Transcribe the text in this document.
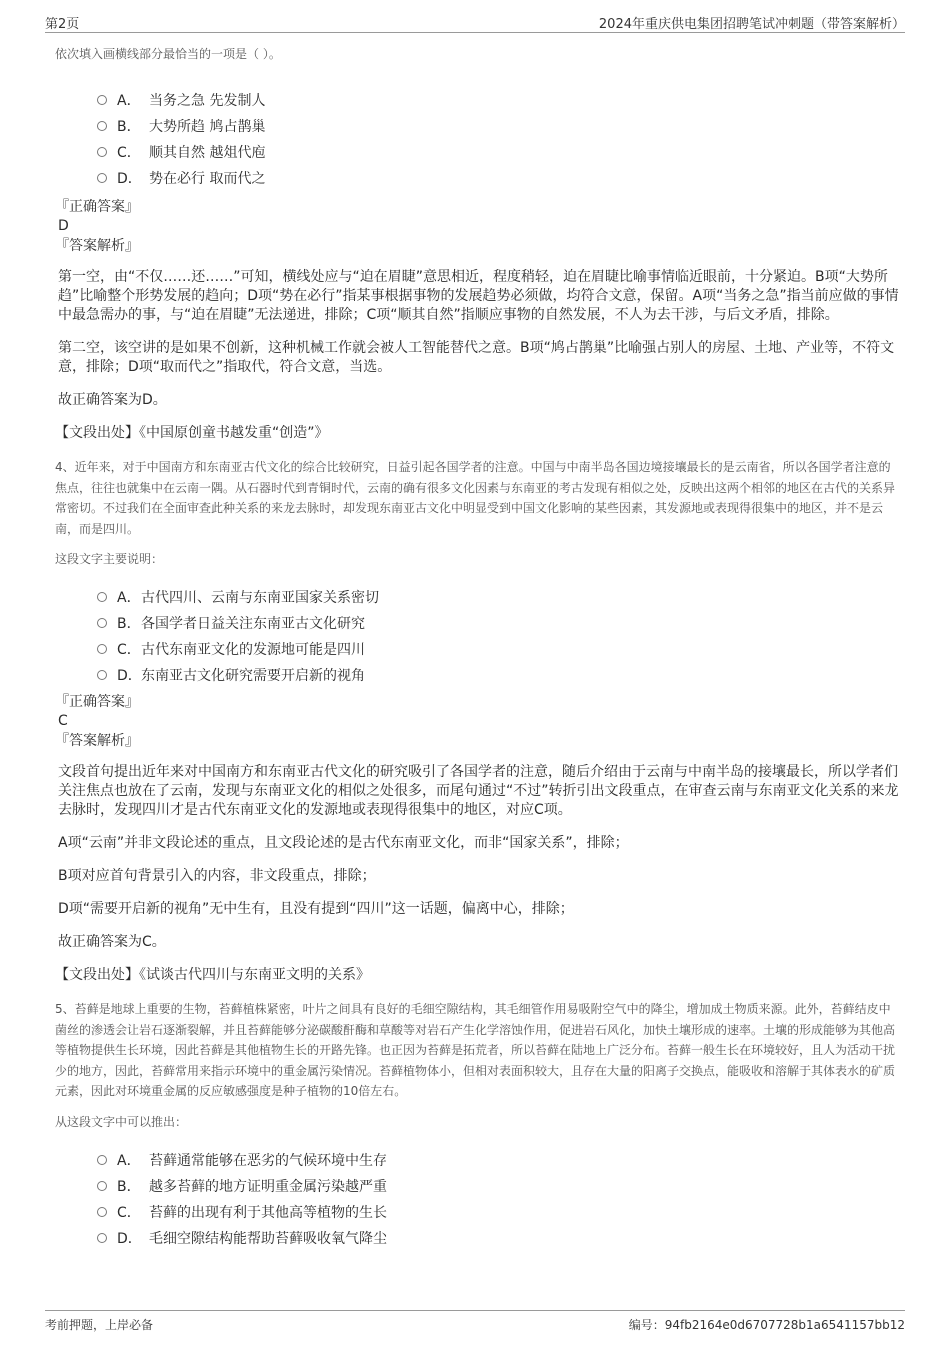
第2页	2024年重庆供电集团招聘笔试冲刺题（带答案解析）

依次填入画横线部分最恰当的一项是（ ）。

A． 当务之急 先发制人
B． 大势所趋 鸠占鹊巢
C． 顺其自然 越俎代庖
D． 势在必行 取而代之

『正确答案』

D

『答案解析』

第一空，由“不仅……还……”可知，横线处应与“迫在眉睫”意思相近，程度稍轻，迫在眉睫比喻事情临近眼前，十分紧迫。B项“大势所趋”比喻整个形势发展的趋向；D项“势在必行”指某事根据事物的发展趋势必须做，均符合文意，保留。A项“当务之急”指当前应做的事情中最急需办的事，与“迫在眉睫”无法递进，排除；C项“顺其自然”指顺应事物的自然发展，不人为去干涉，与后文矛盾，排除。

第二空，该空讲的是如果不创新，这种机械工作就会被人工智能替代之意。B项“鸠占鹊巢”比喻强占别人的房屋、土地、产业等，不符文意，排除；D项“取而代之”指取代，符合文意，当选。

故正确答案为D。

【文段出处】《中国原创童书越发重“创造”》

4、近年来，对于中国南方和东南亚古代文化的综合比较研究，日益引起各国学者的注意。中国与中南半岛各国边境接壤最长的是云南省，所以各国学者注意的焦点，往往也就集中在云南一隅。从石器时代到青铜时代，云南的确有很多文化因素与东南亚的考古发现有相似之处，反映出这两个相邻的地区在古代的关系异常密切。不过我们在全面审查此种关系的来龙去脉时，却发现东南亚古文化中明显受到中国文化影响的某些因素，其发源地或表现得很集中的地区，并不是云南，而是四川。

这段文字主要说明：

A．古代四川、云南与东南亚国家关系密切
B．各国学者日益关注东南亚古文化研究
C．古代东南亚文化的发源地可能是四川
D．东南亚古文化研究需要开启新的视角

『正确答案』

C

『答案解析』

文段首句提出近年来对中国南方和东南亚古代文化的研究吸引了各国学者的注意，随后介绍由于云南与中南半岛的接壤最长，所以学者们关注焦点也放在了云南，发现与东南亚文化的相似之处很多，而尾句通过“不过”转折引出文段重点，在审查云南与东南亚文化关系的来龙去脉时，发现四川才是古代东南亚文化的发源地或表现得很集中的地区，对应C项。

A项“云南”并非文段论述的重点，且文段论述的是古代东南亚文化，而非“国家关系”，排除；

B项对应首句背景引入的内容，非文段重点，排除；

D项“需要开启新的视角”无中生有，且没有提到“四川”这一话题，偏离中心，排除；

故正确答案为C。

【文段出处】《试谈古代四川与东南亚文明的关系》

5、苔藓是地球上重要的生物，苔藓植株紧密，叶片之间具有良好的毛细空隙结构，其毛细管作用易吸附空气中的降尘，增加成土物质来源。此外，苔藓结皮中菌丝的渗透会让岩石逐渐裂解，并且苔藓能够分泌碳酸酐酶和草酸等对岩石产生化学溶蚀作用，促进岩石风化，加快土壤形成的速率。土壤的形成能够为其他高等植物提供生长环境，因此苔藓是其他植物生长的开路先锋。也正因为苔藓是拓荒者，所以苔藓在陆地上广泛分布。苔藓一般生长在环境较好，且人为活动干扰少的地方，因此，苔藓常用来指示环境中的重金属污染情况。苔藓植物体小，但相对表面积较大，且存在大量的阳离子交换点，能吸收和溶解于其体表水的矿质元素，因此对环境重金属的反应敏感强度是种子植物的10倍左右。

从这段文字中可以推出：

A． 苔藓通常能够在恶劣的气候环境中生存
B． 越多苔藓的地方证明重金属污染越严重
C． 苔藓的出现有利于其他高等植物的生长
D． 毛细空隙结构能帮助苔藓吸收氧气降尘
考前押题，上岸必备	编号：94fb2164e0d6707728b1a6541157bb12
